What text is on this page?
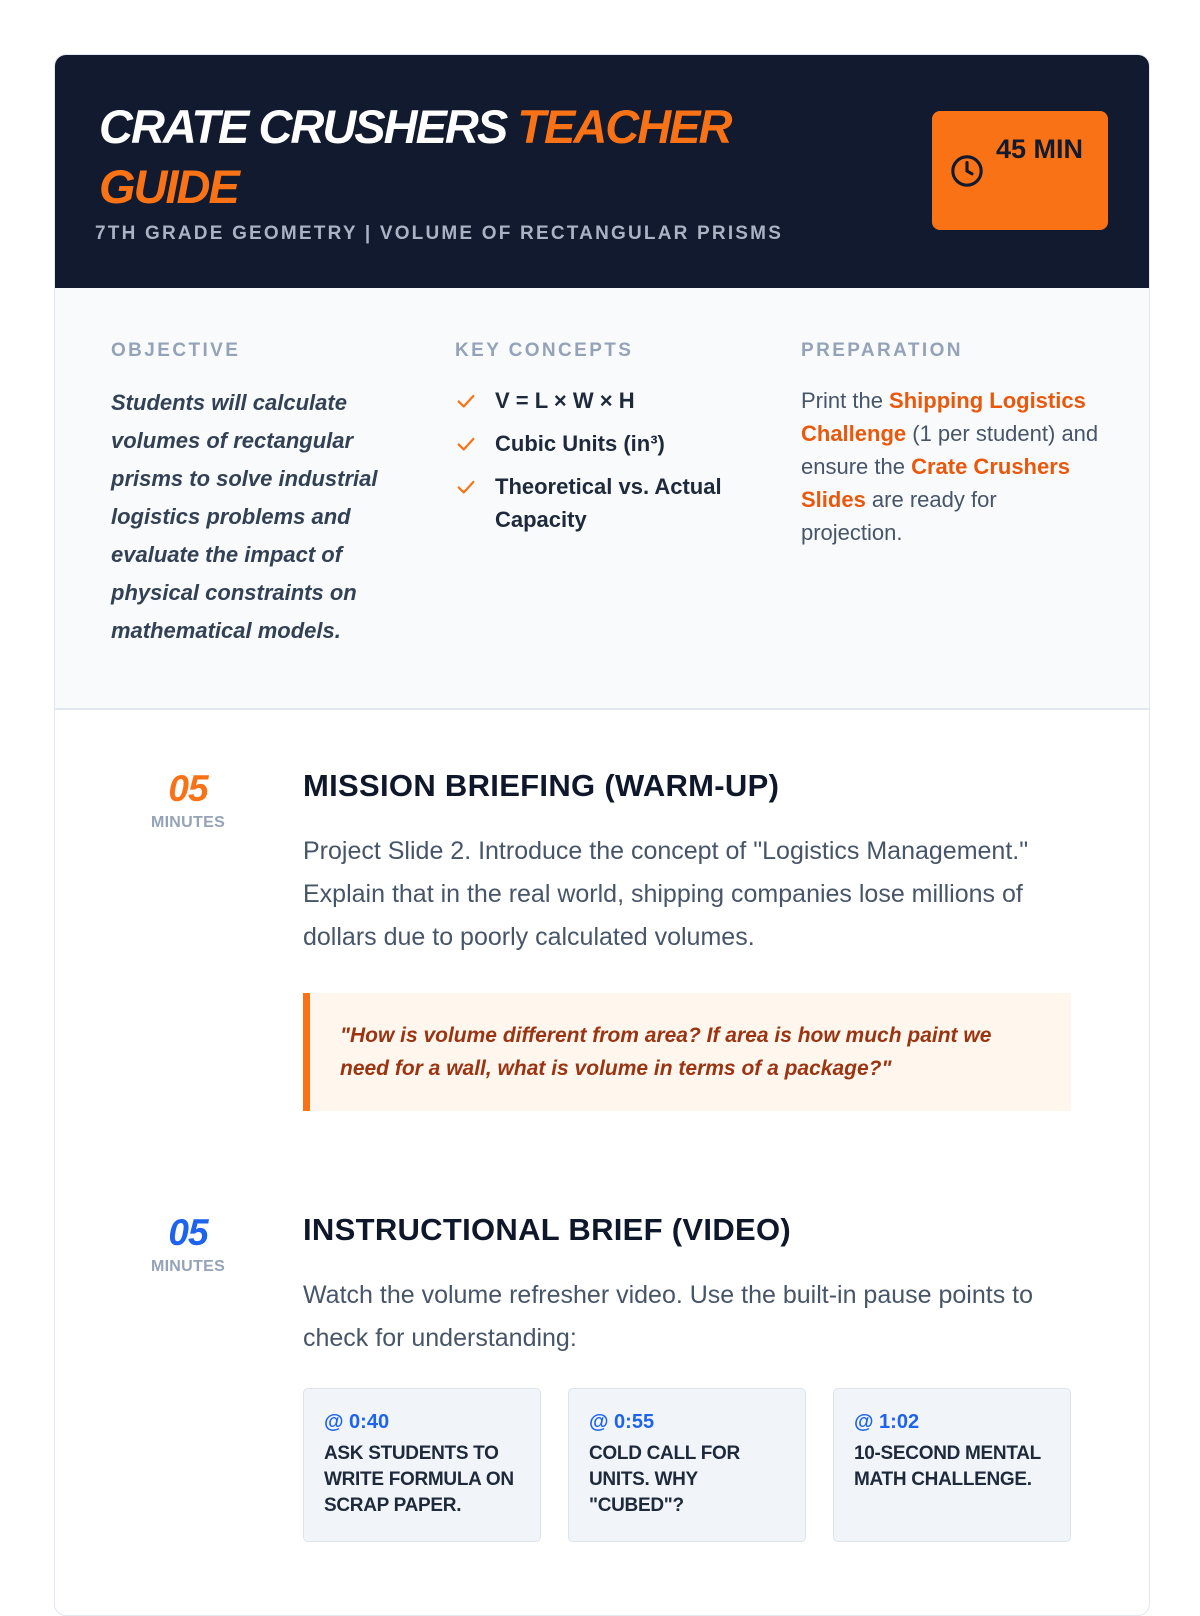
CRATE CRUSHERS TEACHER GUIDE
7TH GRADE GEOMETRY | VOLUME OF RECTANGULAR PRISMS
45 MIN
OBJECTIVE

Students will calculate volumes of rectangular prisms to solve industrial logistics problems and evaluate the impact of physical constraints on mathematical models.

KEY CONCEPTS
V = L × W × H
Cubic Units (in³)
Theoretical vs. Actual Capacity
PREPARATION

Print the Shipping Logistics Challenge (1 per student) and ensure the Crate Crushers Slides are ready for projection.

05
MINUTES
MISSION BRIEFING (WARM-UP)

Project Slide 2. Introduce the concept of "Logistics Management." Explain that in the real world, shipping companies lose millions of dollars due to poorly calculated volumes.

"How is volume different from area? If area is how much paint we need for a wall, what is volume in terms of a package?"
05
MINUTES
INSTRUCTIONAL BRIEF (VIDEO)

Watch the volume refresher video. Use the built-in pause points to check for understanding:

@ 0:40
ASK STUDENTS TO WRITE FORMULA ON SCRAP PAPER.
@ 0:55
COLD CALL FOR UNITS. WHY "CUBED"?
@ 1:02
10-SECOND MENTAL MATH CHALLENGE.
